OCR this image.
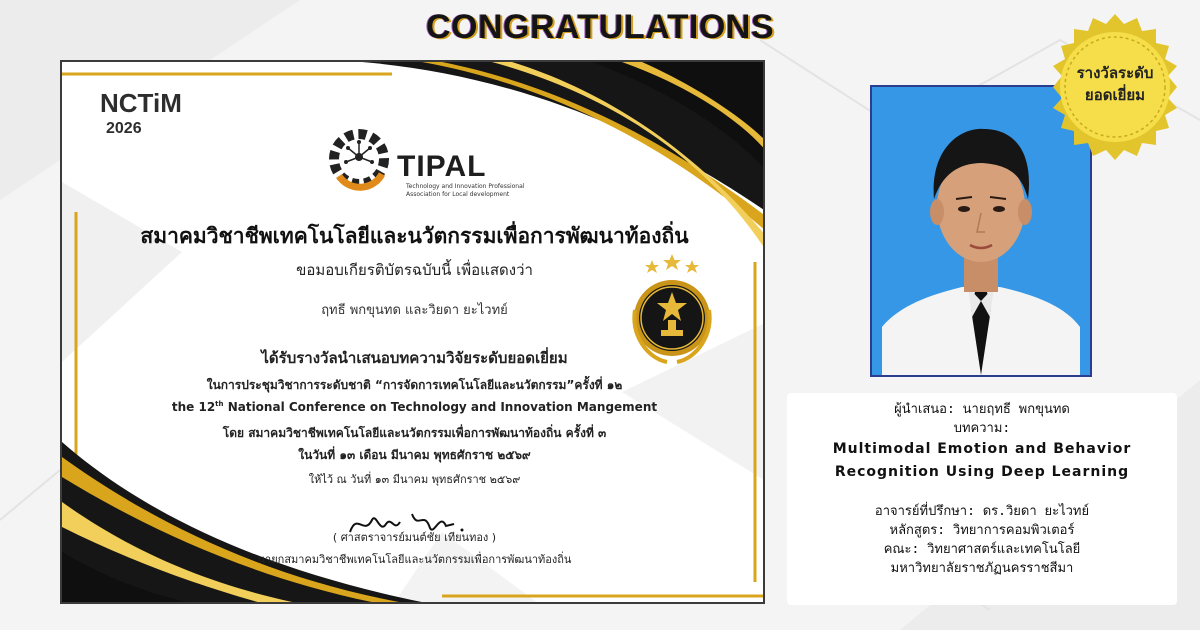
CONGRATULATIONS
NCTiM
2026
TIPAL
Technology and Innovation Professional Association for Local development
สมาคมวิชาชีพเทคโนโลยีและนวัตกรรมเพื่อการพัฒนาท้องถิ่น
ขอมอบเกียรติบัตรฉบับนี้ เพื่อแสดงว่า
ฤทธี พกขุนทด และวิยดา ยะไวทย์
ได้รับรางวัลนำเสนอบทความวิจัยระดับยอดเยี่ยม
ในการประชุมวิชาการระดับชาติ “การจัดการเทคโนโลยีและนวัตกรรม”ครั้งที่ ๑๒
the 12th National Conference on Technology and Innovation Mangement
โดย สมาคมวิชาชีพเทคโนโลยีและนวัตกรรมเพื่อการพัฒนาท้องถิ่น ครั้งที่ ๓
ในวันที่ ๑๓ เดือน มีนาคม พุทธศักราช ๒๕๖๙
ให้ไว้ ณ วันที่ ๑๓ มีนาคม พุทธศักราช ๒๕๖๙
( ศาสตราจารย์มนต์ชัย เทียนทอง )
นายกสมาคมวิชาชีพเทคโนโลยีและนวัตกรรมเพื่อการพัฒนาท้องถิ่น
รางวัลระดับ
ยอดเยี่ยม
ผู้นำเสนอ: นายฤทธี พกขุนทด
บทความ:
Multimodal Emotion and Behavior
Recognition Using Deep Learning
อาจารย์ที่ปรึกษา: ดร.วิยดา ยะไวทย์
หลักสูตร: วิทยาการคอมพิวเตอร์
คณะ: วิทยาศาสตร์และเทคโนโลยี
มหาวิทยาลัยราชภัฏนครราชสีมา
